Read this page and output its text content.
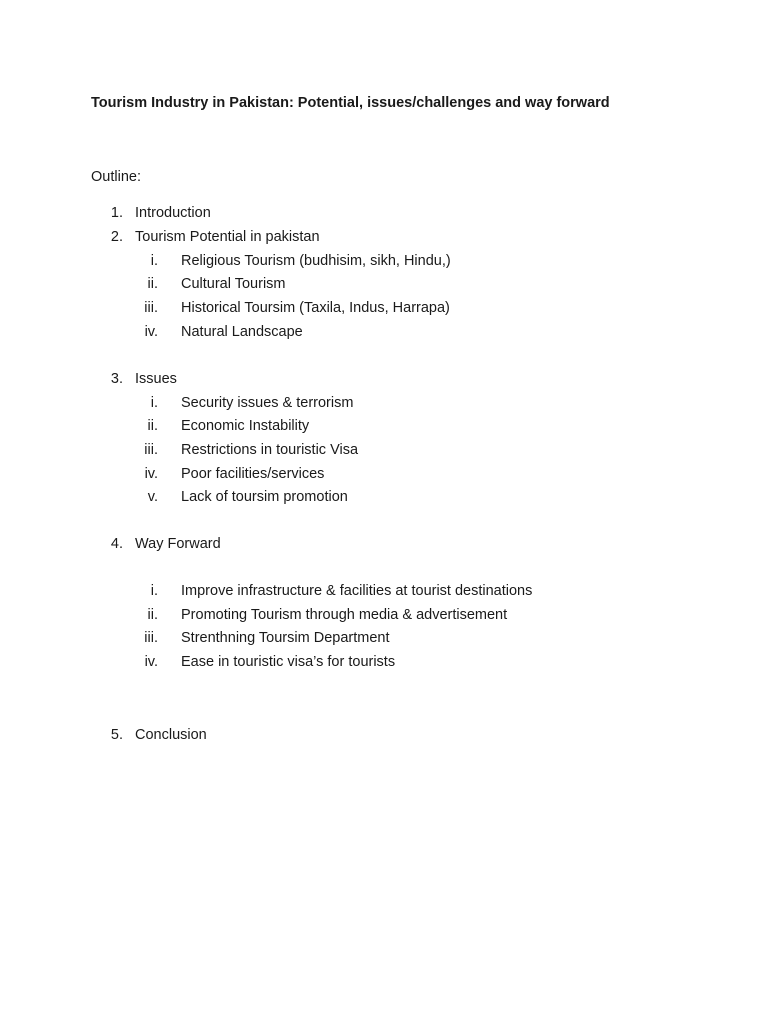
Tourism Industry in Pakistan: Potential, issues/challenges and way forward
Outline:
1. Introduction
2. Tourism Potential in pakistan
i. Religious Tourism (budhisim, sikh, Hindu,)
ii. Cultural Tourism
iii. Historical Toursim (Taxila, Indus, Harrapa)
iv. Natural Landscape
3. Issues
i. Security issues & terrorism
ii. Economic Instability
iii. Restrictions in touristic Visa
iv. Poor facilities/services
v. Lack of toursim promotion
4. Way Forward
i. Improve infrastructure & facilities at tourist destinations
ii. Promoting Tourism through media & advertisement
iii. Strenthning Toursim Department
iv. Ease in touristic visa’s for tourists
5. Conclusion
